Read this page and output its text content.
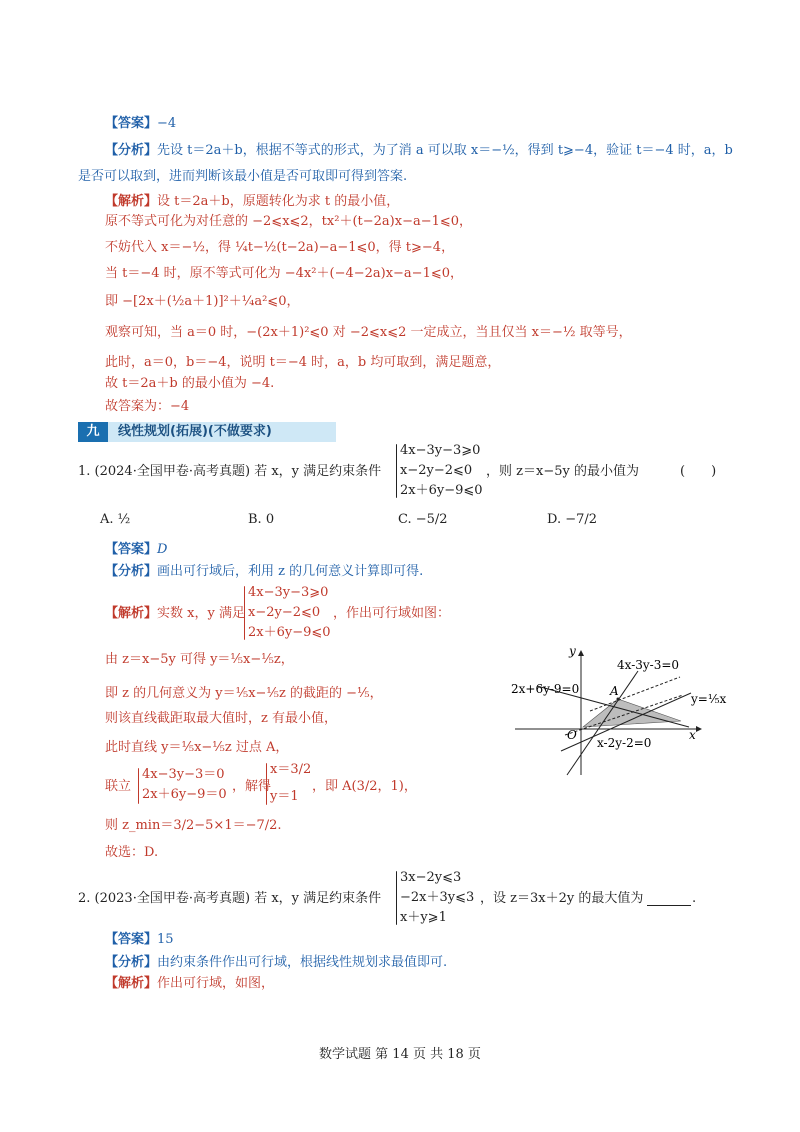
【答案】−4
【分析】先设 t＝2a＋b，根据不等式的形式，为了消 a 可以取 x＝−½，得到 t⩾−4，验证 t＝−4 时，a，b
是否可以取到，进而判断该最小值是否可取即可得到答案.
【解析】设 t＝2a＋b，原题转化为求 t 的最小值，
原不等式可化为对任意的 −2⩽x⩽2，tx²＋(t−2a)x−a−1⩽0，
不妨代入 x＝−½，得 ¼t−½(t−2a)−a−1⩽0，得 t⩾−4，
当 t＝−4 时，原不等式可化为 −4x²＋(−4−2a)x−a−1⩽0，
即 −[2x＋(½a＋1)]²＋¼a²⩽0，
观察可知，当 a＝0 时，−(2x＋1)²⩽0 对 −2⩽x⩽2 一定成立，当且仅当 x＝−½ 取等号，
此时，a＝0，b＝−4，说明 t＝−4 时，a，b 均可取到，满足题意，
故 t＝2a＋b 的最小值为 −4.
故答案为：−4
九	线性规划(拓展)(不做要求)
1. (2024·全国甲卷·高考真题) 若 x，y 满足约束条件
4x−3y−3⩾0
x−2y−2⩽0
2x＋6y−9⩽0
，则 z＝x−5y 的最小值为	(　　)
A. ½	B. 0	C. −5/2	D. −7/2
【答案】D
【分析】画出可行域后，利用 z 的几何意义计算即可得.
【解析】实数 x，y 满足
4x−3y−3⩾0
x−2y−2⩽0
2x＋6y−9⩽0
，作出可行域如图：
由 z＝x−5y 可得 y＝⅕x−⅕z，
即 z 的几何意义为 y＝⅕x−⅕z 的截距的 −⅕，
则该直线截距取最大值时，z 有最小值，
此时直线 y＝⅕x−⅕z 过点 A，
联立
4x−3y−3＝0
2x＋6y−9＝0
，解得
x＝3/2
y＝1
，即 A(3/2，1)，
则 z_min＝3/2−5×1＝−7/2.
故选：D.
y
x
O
A
4x-3y-3=0
2x+6y-9=0
x-2y-2=0
y=⅕x
2. (2023·全国甲卷·高考真题) 若 x，y 满足约束条件
3x−2y⩽3
−2x＋3y⩽3
x＋y⩾1
，设 z＝3x＋2y 的最大值为	.
【答案】15
【分析】由约束条件作出可行域，根据线性规划求最值即可.
【解析】作出可行域，如图，
数学试题 第 14 页 共 18 页
